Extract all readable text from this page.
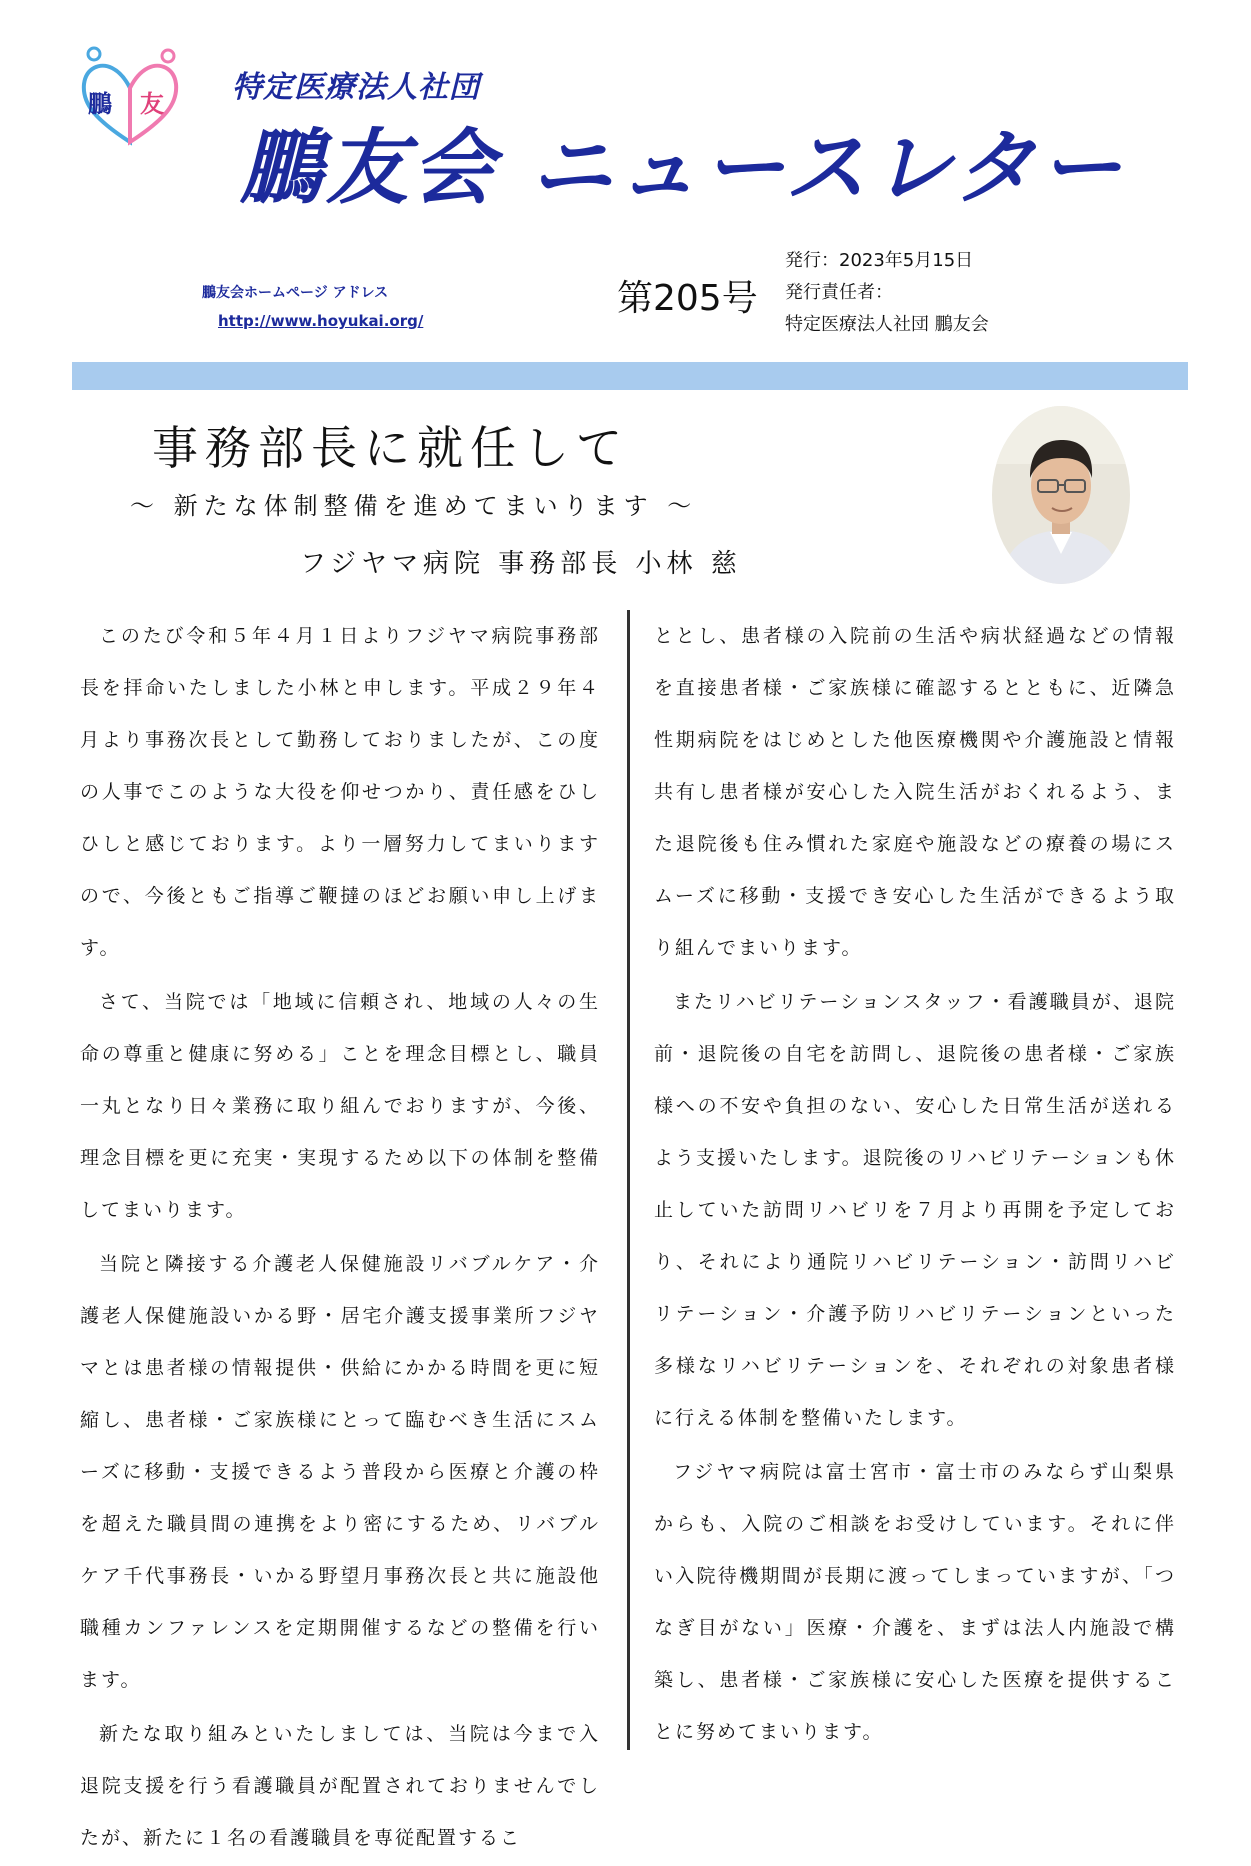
鵬 友 特定医療法人社団
鵬友会 ニュースレター
鵬友会ホームページ アドレス
http://www.hoyukai.org/
第205号
発行：2023年5月15日
発行責任者：
特定医療法人社団 鵬友会
事務部長に就任して
～ 新たな体制整備を進めてまいります ～
フジヤマ病院 事務部長 小林 慈

このたび令和５年４月１日よりフジヤマ病院事務部長を拝命いたしました小林と申します。平成２９年４月より事務次長として勤務しておりましたが、この度の人事でこのような大役を仰せつかり、責任感をひしひしと感じております。より一層努力してまいりますので、今後ともご指導ご鞭撻のほどお願い申し上げます。

さて、当院では「地域に信頼され、地域の人々の生命の尊重と健康に努める」ことを理念目標とし、職員一丸となり日々業務に取り組んでおりますが、今後、理念目標を更に充実・実現するため以下の体制を整備してまいります。

当院と隣接する介護老人保健施設リバブルケア・介護老人保健施設いかる野・居宅介護支援事業所フジヤマとは患者様の情報提供・供給にかかる時間を更に短縮し、患者様・ご家族様にとって臨むべき生活にスムーズに移動・支援できるよう普段から医療と介護の枠を超えた職員間の連携をより密にするため、リバブルケア千代事務長・いかる野望月事務次長と共に施設他職種カンファレンスを定期開催するなどの整備を行います。

新たな取り組みといたしましては、当院は今まで入退院支援を行う看護職員が配置されておりませんでしたが、新たに１名の看護職員を専従配置するこ

ととし、患者様の入院前の生活や病状経過などの情報を直接患者様・ご家族様に確認するとともに、近隣急性期病院をはじめとした他医療機関や介護施設と情報共有し患者様が安心した入院生活がおくれるよう、また退院後も住み慣れた家庭や施設などの療養の場にスムーズに移動・支援でき安心した生活ができるよう取り組んでまいります。

またリハビリテーションスタッフ・看護職員が、退院前・退院後の自宅を訪問し、退院後の患者様・ご家族様への不安や負担のない、安心した日常生活が送れるよう支援いたします。退院後のリハビリテーションも休止していた訪問リハビリを７月より再開を予定しており、それにより通院リハビリテーション・訪問リハビリテーション・介護予防リハビリテーションといった多様なリハビリテーションを、それぞれの対象患者様に行える体制を整備いたします。

フジヤマ病院は富士宮市・富士市のみならず山梨県からも、入院のご相談をお受けしています。それに伴い入院待機期間が長期に渡ってしまっていますが、「つなぎ目がない」医療・介護を、まずは法人内施設で構築し、患者様・ご家族様に安心した医療を提供することに努めてまいります。
